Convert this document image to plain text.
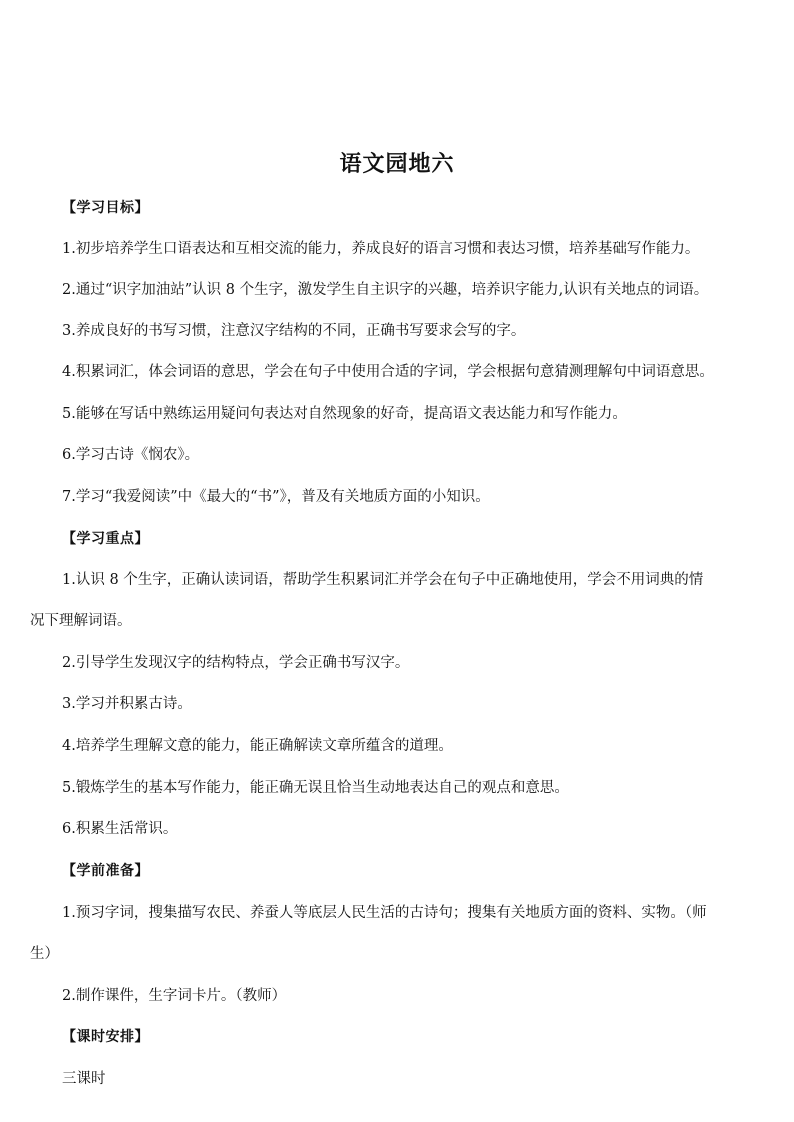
语文园地六
【学习目标】
1.初步培养学生口语表达和互相交流的能力，养成良好的语言习惯和表达习惯，培养基础写作能力。
2.通过“识字加油站”认识 8 个生字，激发学生自主识字的兴趣，培养识字能力,认识有关地点的词语。
3.养成良好的书写习惯，注意汉字结构的不同，正确书写要求会写的字。
4.积累词汇，体会词语的意思，学会在句子中使用合适的字词，学会根据句意猜测理解句中词语意思。
5.能够在写话中熟练运用疑问句表达对自然现象的好奇，提高语文表达能力和写作能力。
6.学习古诗《悯农》。
7.学习“我爱阅读”中《最大的“书”》，普及有关地质方面的小知识。
【学习重点】
1.认识 8 个生字，正确认读词语，帮助学生积累词汇并学会在句子中正确地使用，学会不用词典的情
况下理解词语。
2.引导学生发现汉字的结构特点，学会正确书写汉字。
3.学习并积累古诗。
4.培养学生理解文意的能力，能正确解读文章所蕴含的道理。
5.锻炼学生的基本写作能力，能正确无误且恰当生动地表达自己的观点和意思。
6.积累生活常识。
【学前准备】
1.预习字词，搜集描写农民、养蚕人等底层人民生活的古诗句；搜集有关地质方面的资料、实物。（师
生）
2.制作课件，生字词卡片。（教师）
【课时安排】
三课时
